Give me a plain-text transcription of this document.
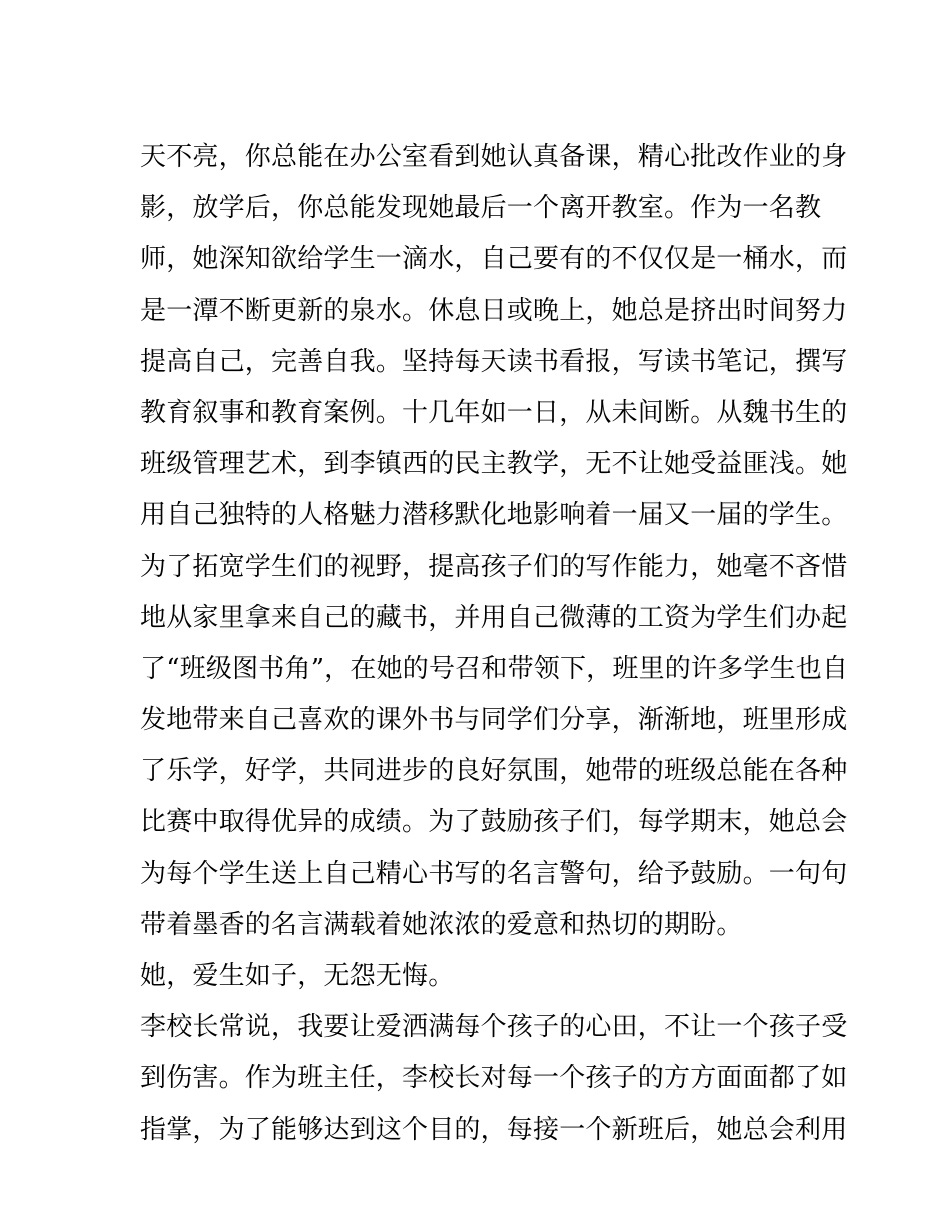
天不亮，你总能在办公室看到她认真备课，精心批改作业的身
影，放学后，你总能发现她最后一个离开教室。作为一名教
师，她深知欲给学生一滴水，自己要有的不仅仅是一桶水，而
是一潭不断更新的泉水。休息日或晚上，她总是挤出时间努力
提高自己，完善自我。坚持每天读书看报，写读书笔记，撰写
教育叙事和教育案例。十几年如一日，从未间断。从魏书生的
班级管理艺术，到李镇西的民主教学，无不让她受益匪浅。她
用自己独特的人格魅力潜移默化地影响着一届又一届的学生。
为了拓宽学生们的视野，提高孩子们的写作能力，她毫不吝惜
地从家里拿来自己的藏书，并用自己微薄的工资为学生们办起
了“班级图书角”，在她的号召和带领下，班里的许多学生也自
发地带来自己喜欢的课外书与同学们分享，渐渐地，班里形成
了乐学，好学，共同进步的良好氛围，她带的班级总能在各种
比赛中取得优异的成绩。为了鼓励孩子们，每学期末，她总会
为每个学生送上自己精心书写的名言警句，给予鼓励。一句句
带着墨香的名言满载着她浓浓的爱意和热切的期盼。
她，爱生如子，无怨无悔。
李校长常说，我要让爱洒满每个孩子的心田，不让一个孩子受
到伤害。作为班主任，李校长对每一个孩子的方方面面都了如
指掌，为了能够达到这个目的，每接一个新班后，她总会利用
